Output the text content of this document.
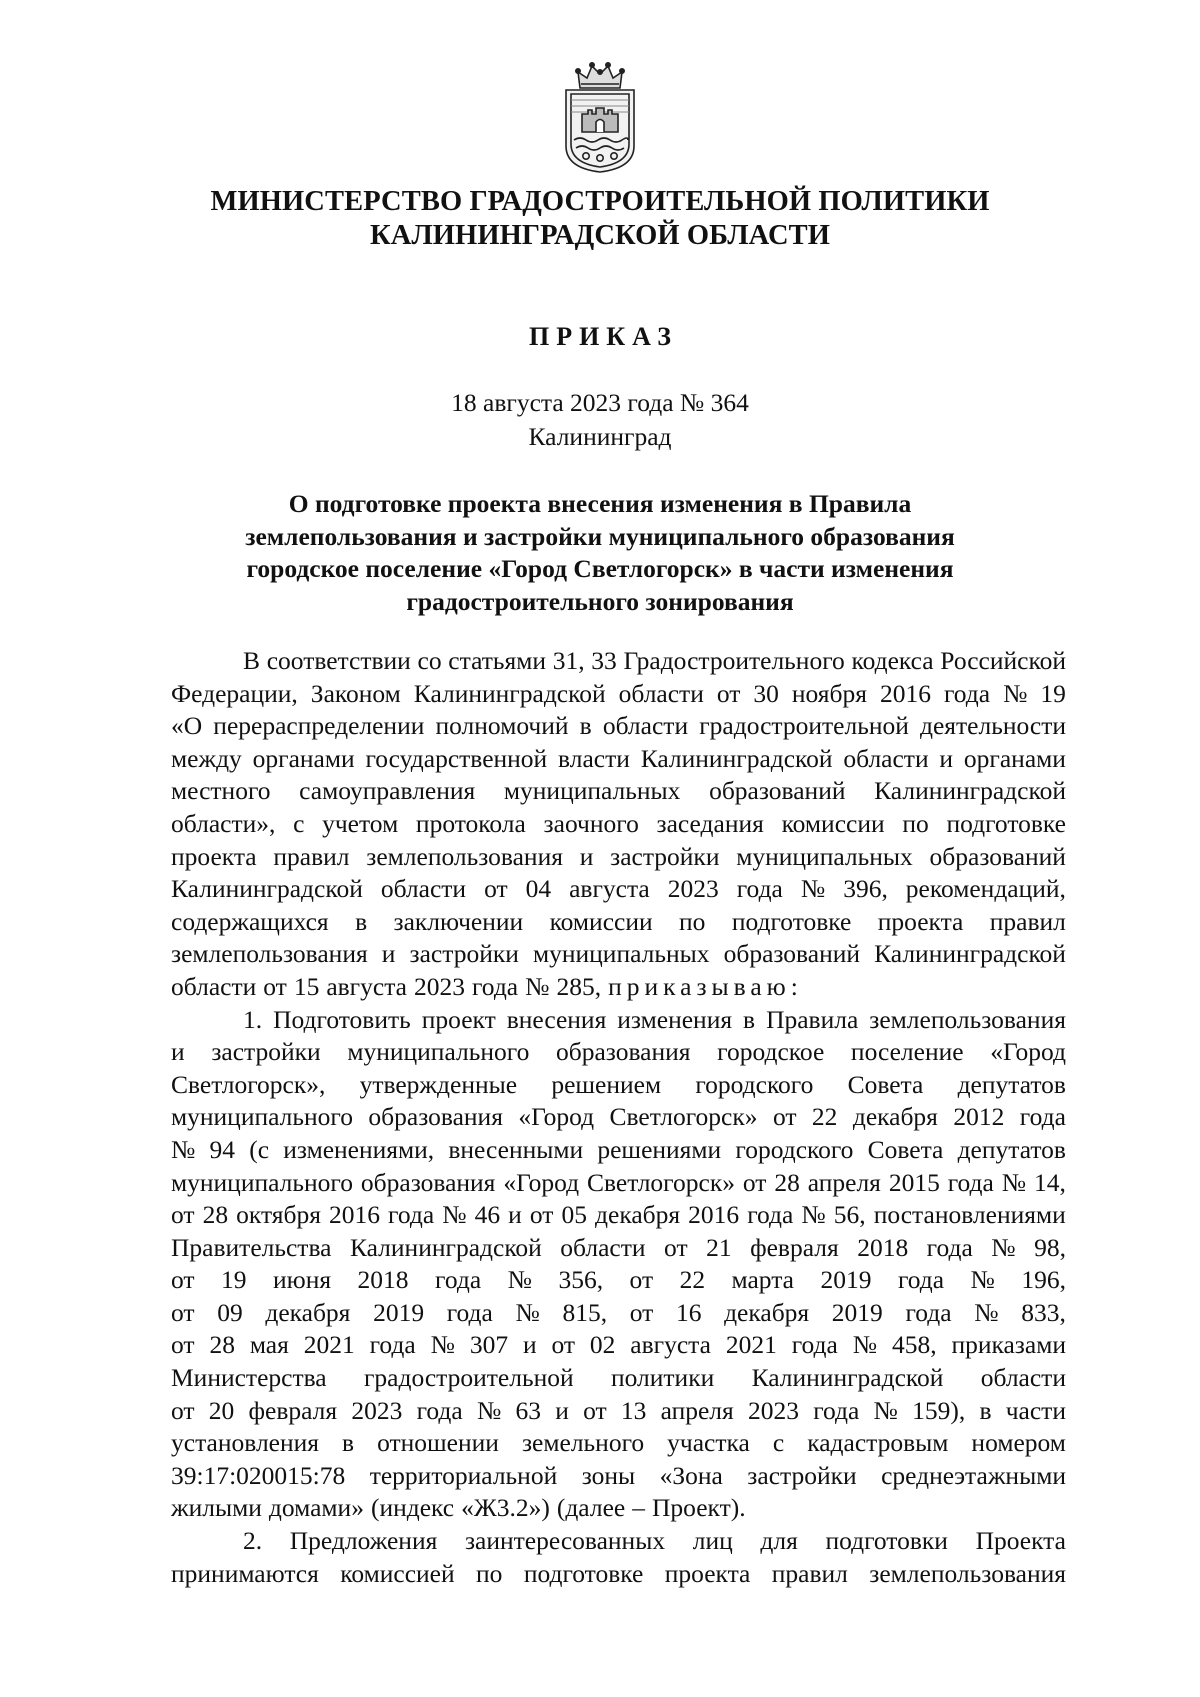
МИНИСТЕРСТВО ГРАДОСТРОИТЕЛЬНОЙ ПОЛИТИКИ
КАЛИНИНГРАДСКОЙ ОБЛАСТИ
ПРИКАЗ
18 августа 2023 года № 364
Калининград
О подготовке проекта внесения изменения в Правила
землепользования и застройки муниципального образования
городское поселение «Город Светлогорск» в части изменения
градостроительного зонирования
В соответствии со статьями 31, 33 Градостроительного кодекса Российской
Федерации, Законом Калининградской области от 30 ноября 2016 года № 19
«О перераспределении полномочий в области градостроительной деятельности
между органами государственной власти Калининградской области и органами
местного самоуправления муниципальных образований Калининградской
области», с учетом протокола заочного заседания комиссии по подготовке
проекта правил землепользования и застройки муниципальных образований
Калининградской области от 04 августа 2023 года № 396, рекомендаций,
содержащихся в заключении комиссии по подготовке проекта правил
землепользования и застройки муниципальных образований Калининградской
области от 15 августа 2023 года № 285, приказываю:
1. Подготовить проект внесения изменения в Правила землепользования
и застройки муниципального образования городское поселение «Город
Светлогорск», утвержденные решением городского Совета депутатов
муниципального образования «Город Светлогорск» от 22 декабря 2012 года
№ 94 (с изменениями, внесенными решениями городского Совета депутатов
муниципального образования «Город Светлогорск» от 28 апреля 2015 года № 14,
от 28 октября 2016 года № 46 и от 05 декабря 2016 года № 56, постановлениями
Правительства Калининградской области от 21 февраля 2018 года № 98,
от 19 июня 2018 года № 356, от 22 марта 2019 года № 196,
от 09 декабря 2019 года № 815, от 16 декабря 2019 года № 833,
от 28 мая 2021 года № 307 и от 02 августа 2021 года № 458, приказами
Министерства градостроительной политики Калининградской области
от 20 февраля 2023 года № 63 и от 13 апреля 2023 года № 159), в части
установления в отношении земельного участка с кадастровым номером
39:17:020015:78 территориальной зоны «Зона застройки среднеэтажными
жилыми домами» (индекс «Ж3.2») (далее – Проект).
2. Предложения заинтересованных лиц для подготовки Проекта
принимаются комиссией по подготовке проекта правил землепользования
